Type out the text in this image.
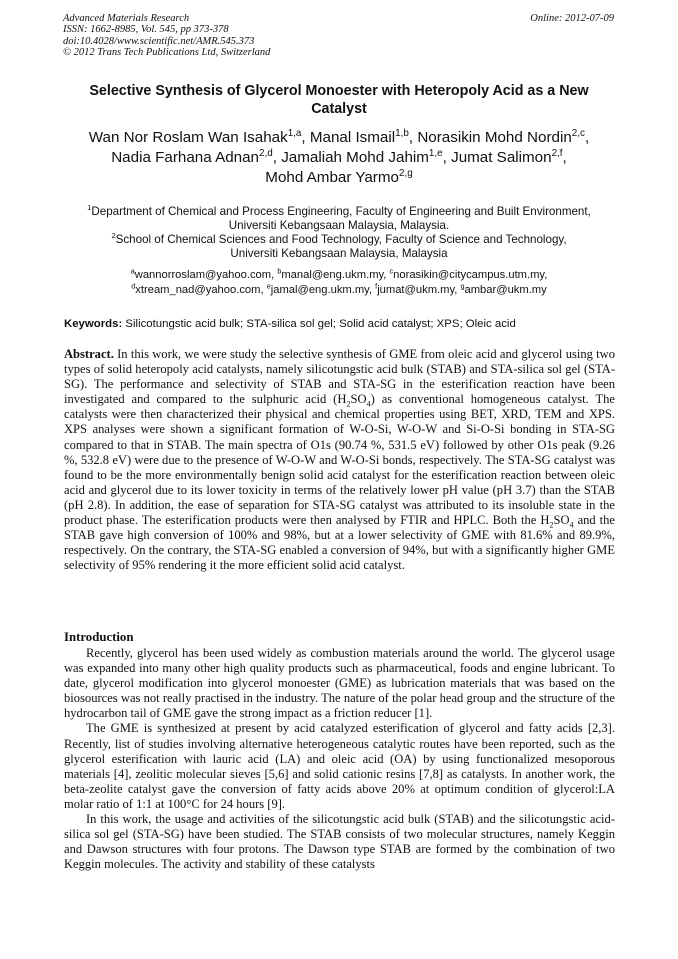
Advanced Materials Research
ISSN: 1662-8985, Vol. 545, pp 373-378
doi:10.4028/www.scientific.net/AMR.545.373
© 2012 Trans Tech Publications Ltd, Switzerland
Online: 2012-07-09
Selective Synthesis of Glycerol Monoester with Heteropoly Acid as a New Catalyst
Wan Nor Roslam Wan Isahak$^{1,a}$, Manal Ismail$^{1,b}$, Norasikin Mohd Nordin$^{2,c}$,
Nadia Farhana Adnan$^{2,d}$, Jamaliah Mohd Jahim$^{1,e}$, Jumat Salimon$^{2,f}$,
Mohd Ambar Yarmo$^{2,g}$
$^1$Department of Chemical and Process Engineering, Faculty of Engineering and Built Environment,
Universiti Kebangsaan Malaysia, Malaysia.
$^2$School of Chemical Sciences and Food Technology, Faculty of Science and Technology,
Universiti Kebangsaan Malaysia, Malaysia
$^a$wannorroslam@yahoo.com, $^b$manal@eng.ukm.my, $^c$norasikin@citycampus.utm.my,
$^d$xtream_nad@yahoo.com, $^e$jamal@eng.ukm.my, $^f$jumat@ukm.my, $^g$ambar@ukm.my
Keywords: Silicotungstic acid bulk; STA-silica sol gel; Solid acid catalyst; XPS; Oleic acid
Abstract. In this work, we were study the selective synthesis of GME from oleic acid and glycerol using two types of solid heteropoly acid catalysts, namely silicotungstic acid bulk (STAB) and STA-silica sol gel (STA-SG). The performance and selectivity of STAB and STA-SG in the esterification reaction have been investigated and compared to the sulphuric acid $(H_2SO_4)$ as conventional homogeneous catalyst. The catalysts were then characterized their physical and chemical properties using BET, XRD, TEM and XPS. XPS analyses were shown a significant formation of W-O-Si, W-O-W and Si-O-Si bonding in STA-SG compared to that in STAB. The main spectra of O1s (90.74 %, 531.5 eV) followed by other O1s peak (9.26 %, 532.8 eV) were due to the presence of W-O-W and W-O-Si bonds, respectively. The STA-SG catalyst was found to be the more environmentally benign solid acid catalyst for the esterification reaction between oleic acid and glycerol due to its lower toxicity in terms of the relatively lower pH value (pH 3.7) than the STAB (pH 2.8). In addition, the ease of separation for STA-SG catalyst was attributed to its insoluble state in the product phase. The esterification products were then analysed by FTIR and HPLC. Both the $H_2SO_4$ and the STAB gave high conversion of 100% and 98%, but at a lower selectivity of GME with 81.6% and 89.9%, respectively. On the contrary, the STA-SG enabled a conversion of 94%, but with a significantly higher GME selectivity of 95% rendering it the more efficient solid acid catalyst.
Introduction

Recently, glycerol has been used widely as combustion materials around the world. The glycerol usage was expanded into many other high quality products such as pharmaceutical, foods and engine lubricant. To date, glycerol modification into glycerol monoester (GME) as lubrication materials that was based on the biosources was not really practised in the industry. The nature of the polar head group and the structure of the hydrocarbon tail of GME gave the strong impact as a friction reducer [1].

The GME is synthesized at present by acid catalyzed esterification of glycerol and fatty acids [2,3]. Recently, list of studies involving alternative heterogeneous catalytic routes have been reported, such as the glycerol esterification with lauric acid (LA) and oleic acid (OA) by using functionalized mesoporous materials [4], zeolitic molecular sieves [5,6] and solid cationic resins [7,8] as catalysts. In another work, the beta-zeolite catalyst gave the conversion of fatty acids above 20% at optimum condition of glycerol:LA molar ratio of 1:1 at 100°C for 24 hours [9].

In this work, the usage and activities of the silicotungstic acid bulk (STAB) and the silicotungstic acid-silica sol gel (STA-SG) have been studied. The STAB consists of two molecular structures, namely Keggin and Dawson structures with four protons. The Dawson type STAB are formed by the combination of two Keggin molecules. The activity and stability of these catalysts
